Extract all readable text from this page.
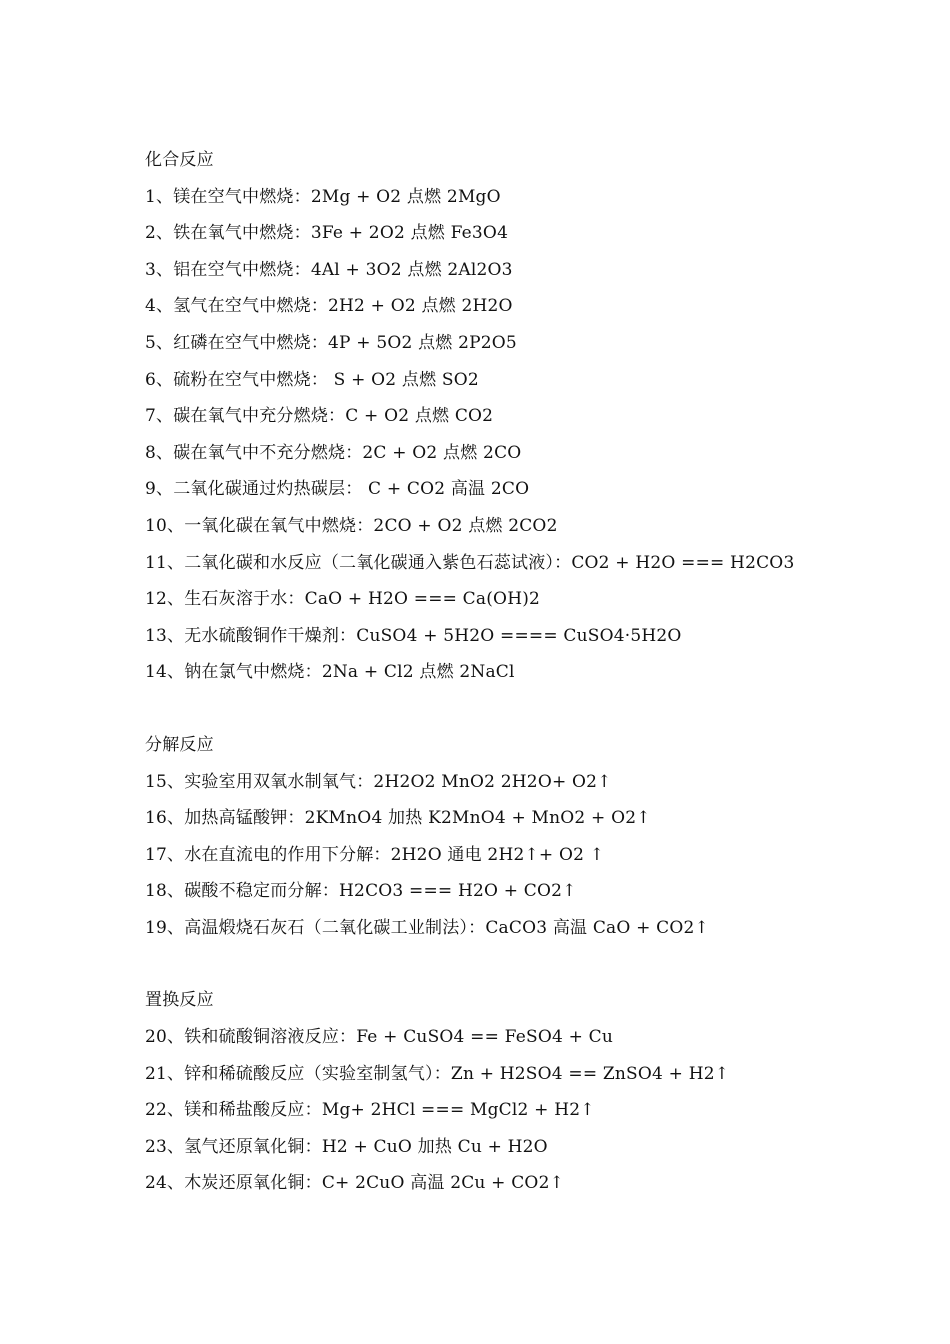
化合反应
1、镁在空气中燃烧：2Mg + O2 点燃 2MgO
2、铁在氧气中燃烧：3Fe + 2O2 点燃 Fe3O4
3、铝在空气中燃烧：4Al + 3O2 点燃 2Al2O3
4、氢气在空气中燃烧：2H2 + O2 点燃 2H2O
5、红磷在空气中燃烧：4P + 5O2 点燃 2P2O5
6、硫粉在空气中燃烧： S + O2 点燃 SO2
7、碳在氧气中充分燃烧：C + O2 点燃 CO2
8、碳在氧气中不充分燃烧：2C + O2 点燃 2CO
9、二氧化碳通过灼热碳层： C + CO2 高温 2CO
10、一氧化碳在氧气中燃烧：2CO + O2 点燃 2CO2
11、二氧化碳和水反应（二氧化碳通入紫色石蕊试液）：CO2 + H2O === H2CO3
12、生石灰溶于水：CaO + H2O === Ca(OH)2
13、无水硫酸铜作干燥剂：CuSO4 + 5H2O ==== CuSO4·5H2O
14、钠在氯气中燃烧：2Na + Cl2 点燃 2NaCl
分解反应
15、实验室用双氧水制氧气：2H2O2 MnO2 2H2O+ O2↑
16、加热高锰酸钾：2KMnO4 加热 K2MnO4 + MnO2 + O2↑
17、水在直流电的作用下分解：2H2O 通电 2H2↑+ O2 ↑
18、碳酸不稳定而分解：H2CO3 === H2O + CO2↑
19、高温煅烧石灰石（二氧化碳工业制法）：CaCO3 高温 CaO + CO2↑
置换反应
20、铁和硫酸铜溶液反应：Fe + CuSO4 == FeSO4 + Cu
21、锌和稀硫酸反应（实验室制氢气）：Zn + H2SO4 == ZnSO4 + H2↑
22、镁和稀盐酸反应：Mg+ 2HCl === MgCl2 + H2↑
23、氢气还原氧化铜：H2 + CuO 加热 Cu + H2O
24、木炭还原氧化铜：C+ 2CuO 高温 2Cu + CO2↑
